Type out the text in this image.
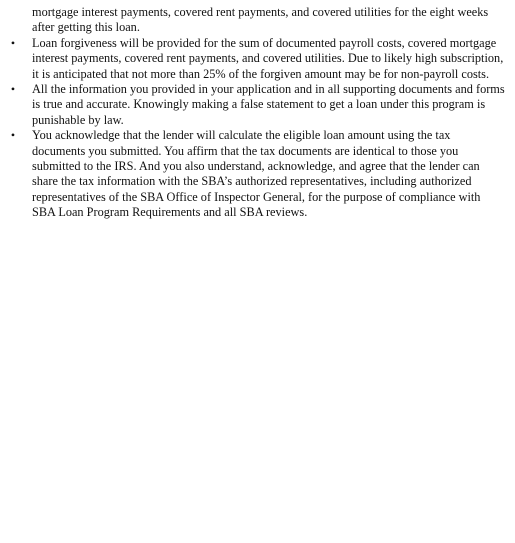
mortgage interest payments, covered rent payments, and covered utilities for the eight weeks after getting this loan.

•	Loan forgiveness will be provided for the sum of documented payroll costs, covered mortgage interest payments, covered rent payments, and covered utilities. Due to likely high subscription, it is anticipated that not more than 25% of the forgiven amount may be for non-payroll costs.
•	All the information you provided in your application and in all supporting documents and forms is true and accurate. Knowingly making a false statement to get a loan under this program is punishable by law.
•	You acknowledge that the lender will calculate the eligible loan amount using the tax documents you submitted. You affirm that the tax documents are identical to those you submitted to the IRS. And you also understand, acknowledge, and agree that the lender can share the tax information with the SBA’s authorized representatives, including authorized representatives of the SBA Office of Inspector General, for the purpose of compliance with SBA Loan Program Requirements and all SBA reviews.
